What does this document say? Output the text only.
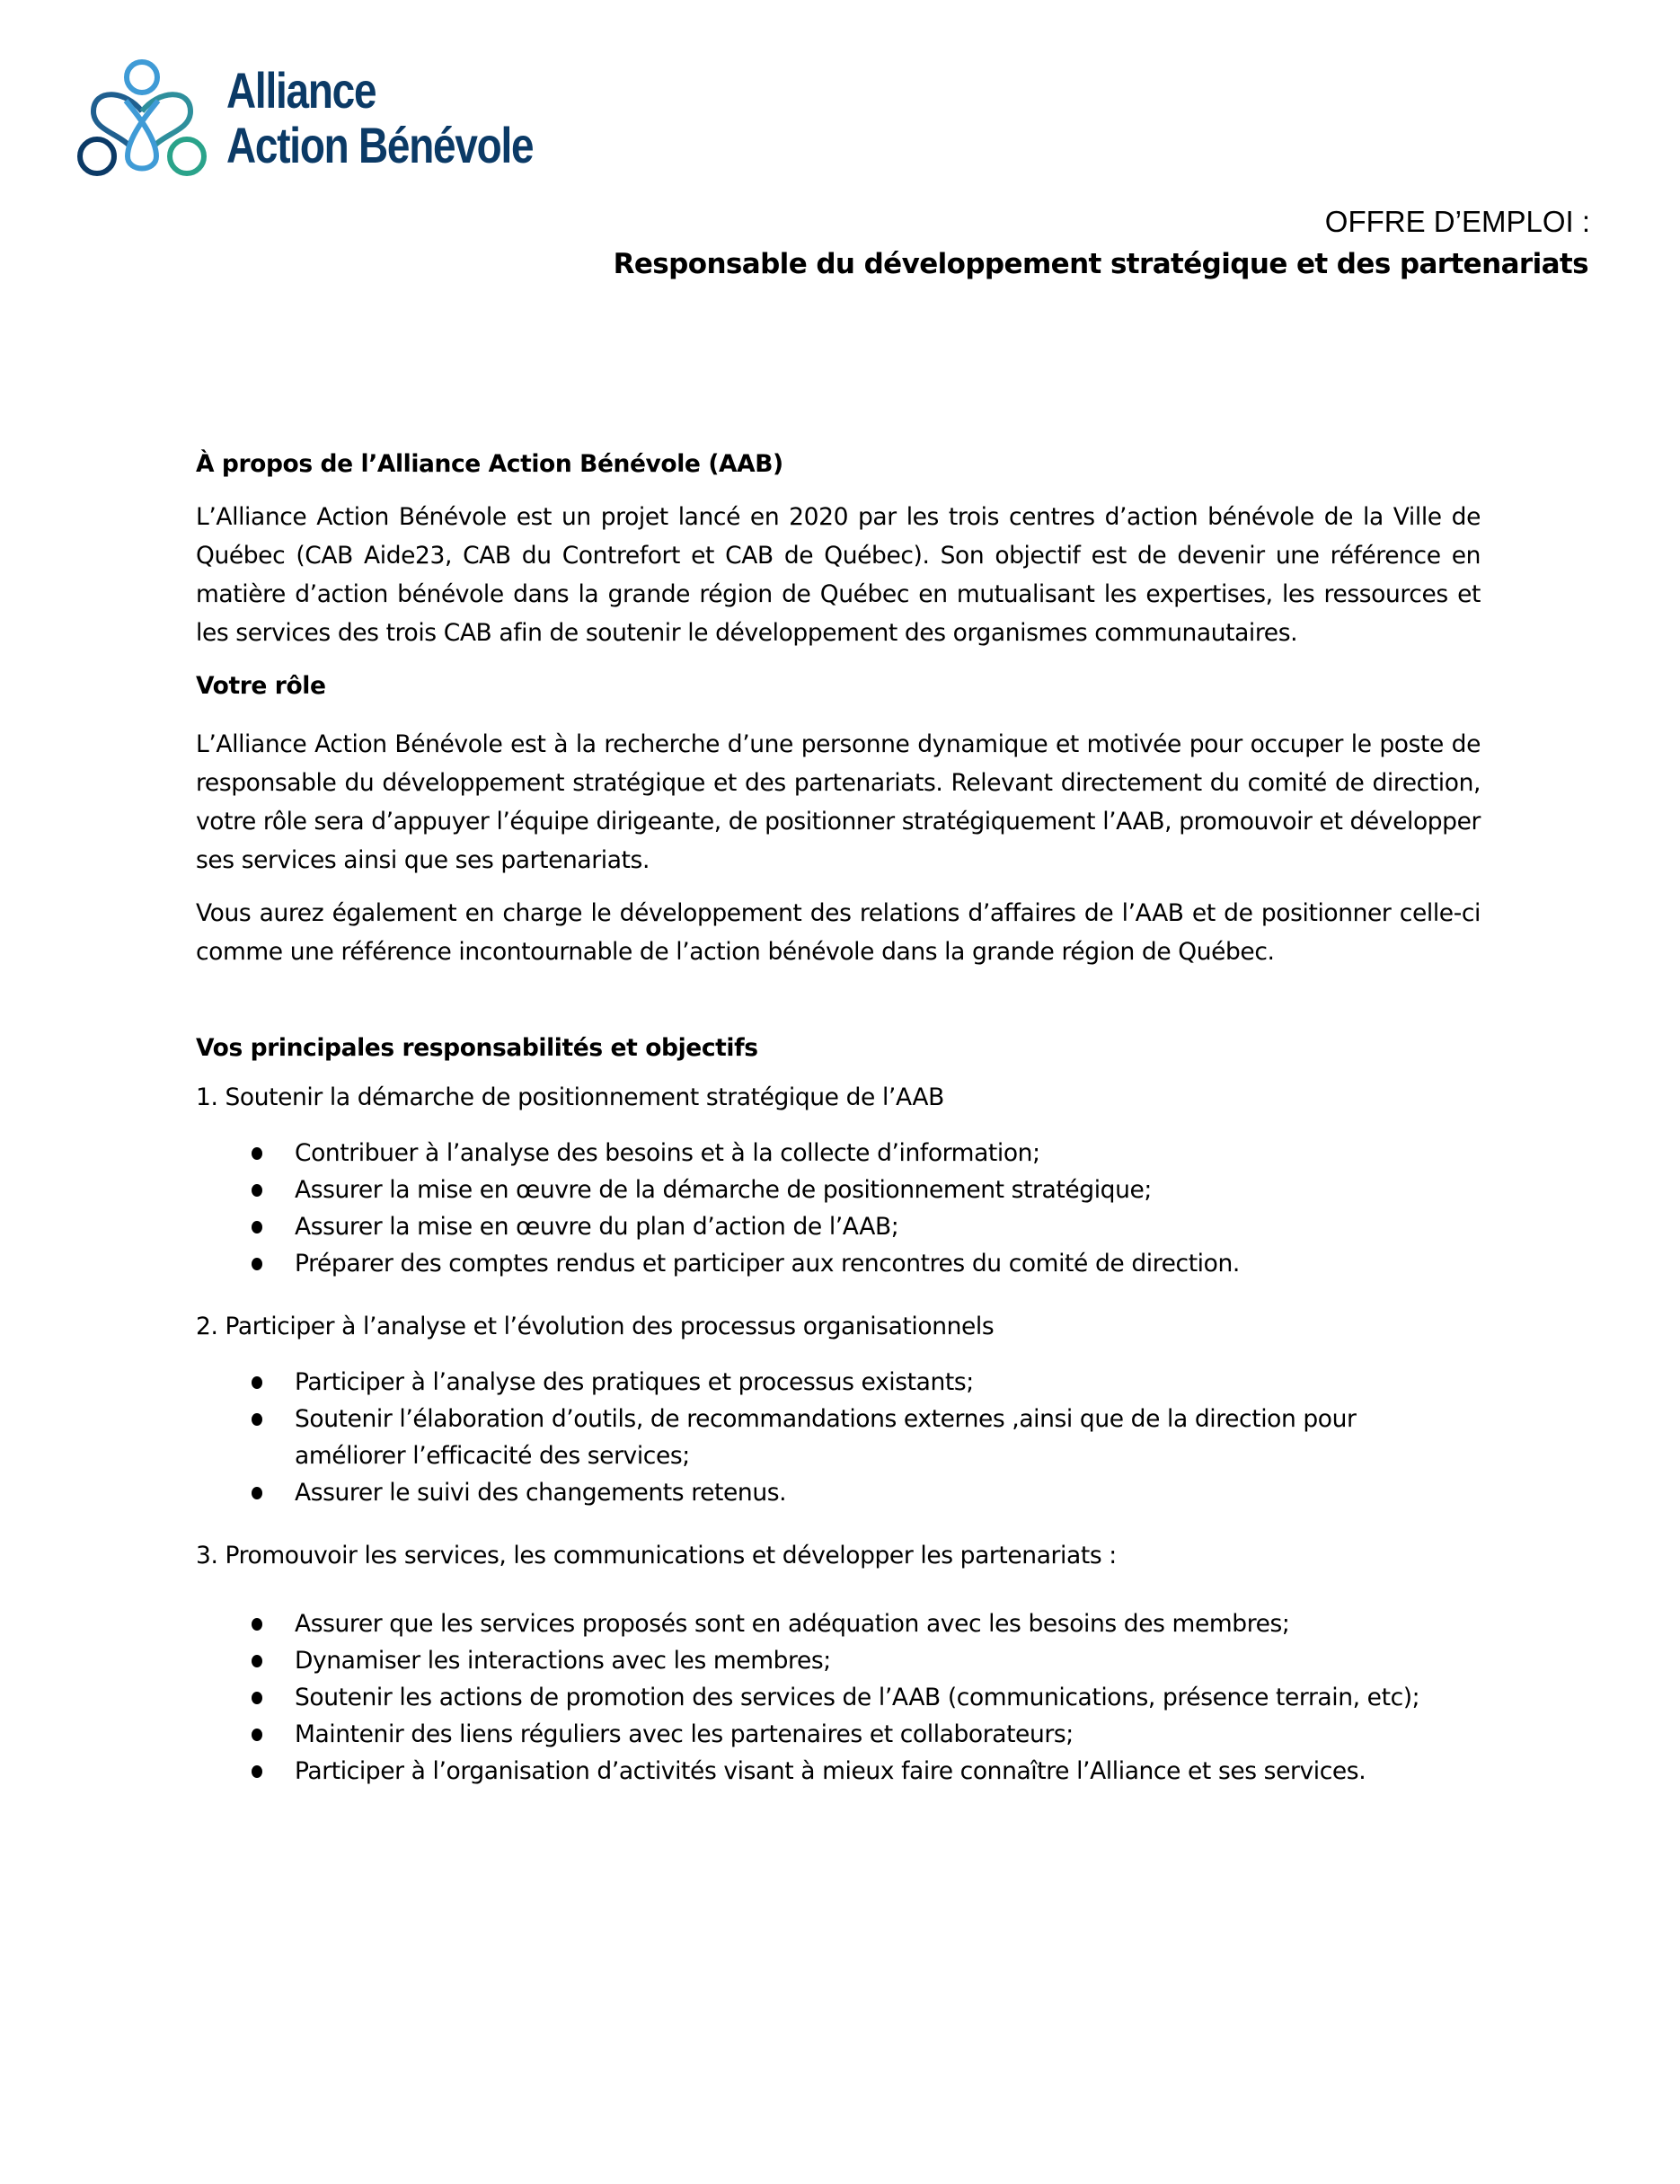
Alliance
Action Bénévole
OFFRE D’EMPLOI :
Responsable du développement stratégique et des partenariats

À propos de l’Alliance Action Bénévole (AAB)

L’Alliance Action Bénévole est un projet lancé en 2020 par les trois centres d’action bénévole de la Ville de Québec (CAB Aide23, CAB du Contrefort et CAB de Québec). Son objectif est de devenir une référence en matière d’action bénévole dans la grande région de Québec en mutualisant les expertises, les ressources et les services des trois CAB afin de soutenir le développement des organismes communautaires.

Votre rôle

L’Alliance Action Bénévole est à la recherche d’une personne dynamique et motivée pour occuper le poste de responsable du développement stratégique et des partenariats. Relevant directement du comité de direction, votre rôle sera d’appuyer l’équipe dirigeante, de positionner stratégiquement l’AAB, promouvoir et développer ses services ainsi que ses partenariats.

Vous aurez également en charge le développement des relations d’affaires de l’AAB et de positionner celle-ci comme une référence incontournable de l’action bénévole dans la grande région de Québec.

Vos principales responsabilités et objectifs

1. Soutenir la démarche de positionnement stratégique de l’AAB

Contribuer à l’analyse des besoins et à la collecte d’information;
Assurer la mise en œuvre de la démarche de positionnement stratégique;
Assurer la mise en œuvre du plan d’action de l’AAB;
Préparer des comptes rendus et participer aux rencontres du comité de direction.

2. Participer à l’analyse et l’évolution des processus organisationnels

Participer à l’analyse des pratiques et processus existants;
Soutenir l’élaboration d’outils, de recommandations externes ,ainsi que de la direction pour améliorer l’efficacité des services;
Assurer le suivi des changements retenus.

3. Promouvoir les services, les communications et développer les partenariats :

Assurer que les services proposés sont en adéquation avec les besoins des membres;
Dynamiser les interactions avec les membres;
Soutenir les actions de promotion des services de l’AAB (communications, présence terrain, etc);
Maintenir des liens réguliers avec les partenaires et collaborateurs;
Participer à l’organisation d’activités visant à mieux faire connaître l’Alliance et ses services.
